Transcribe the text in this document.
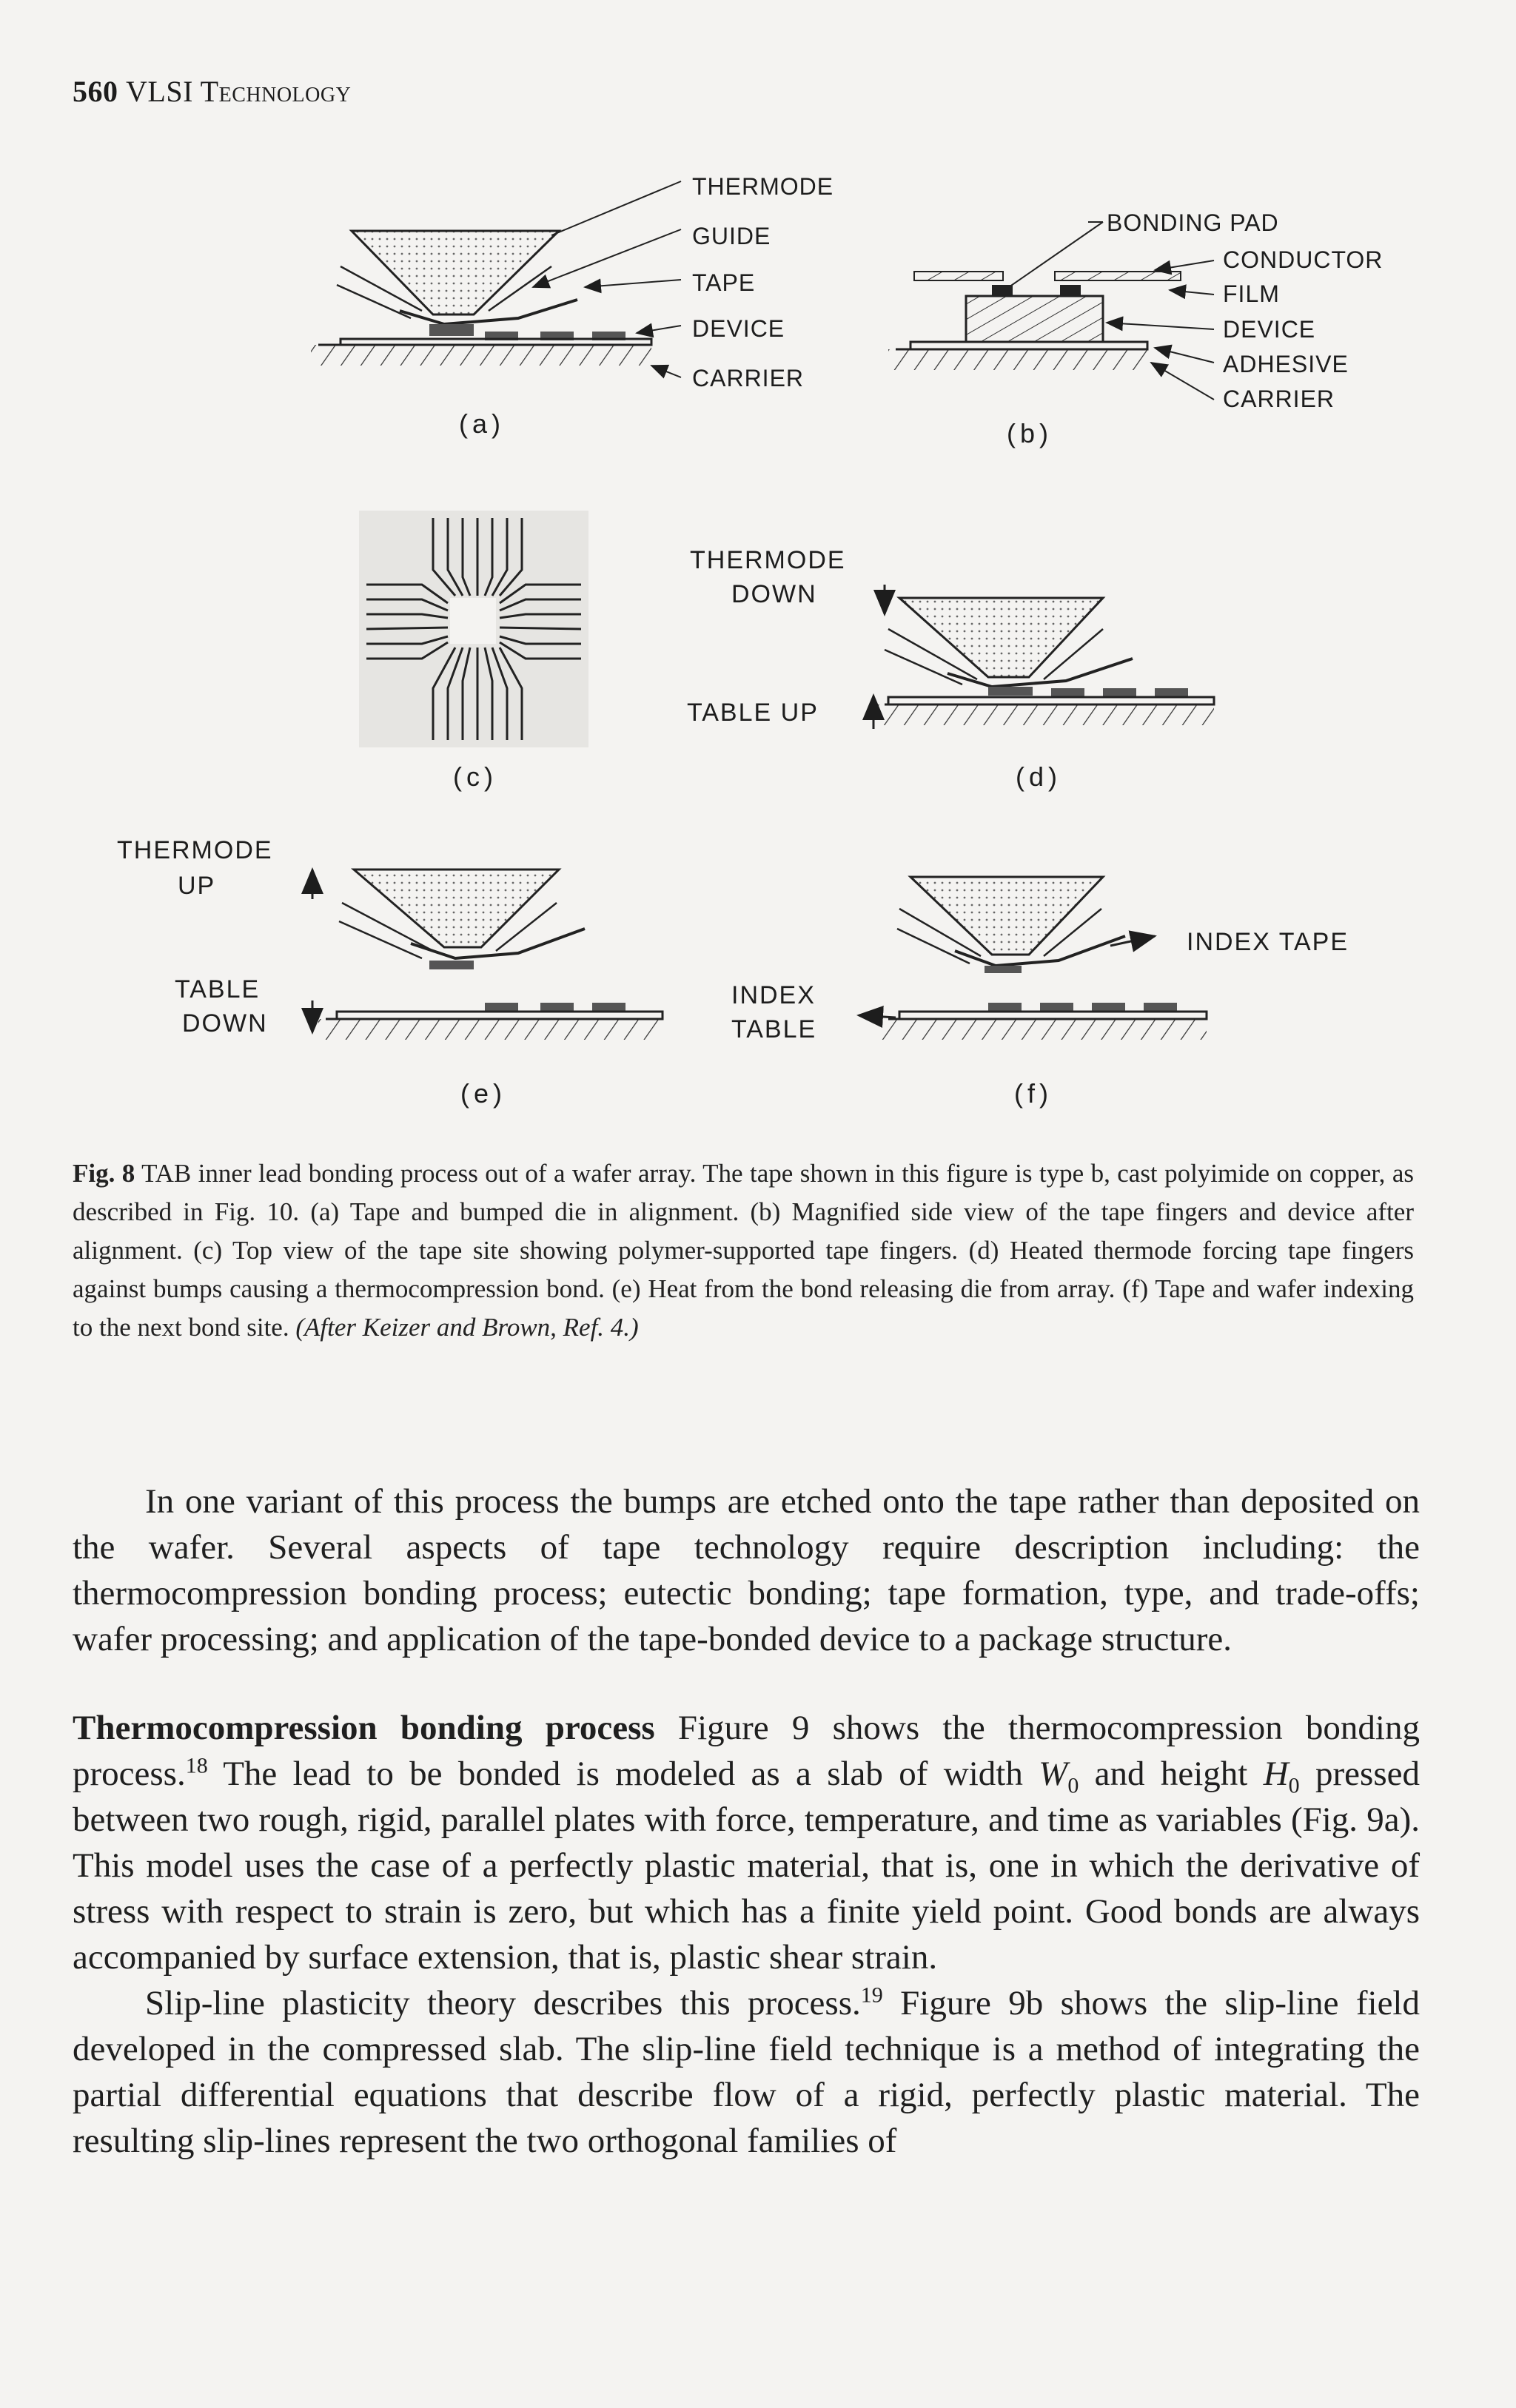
560 VLSI Technology
THERMODE
GUIDE
TAPE
DEVICE
CARRIER
(a)
BONDING PAD
CONDUCTOR
FILM
DEVICE
ADHESIVE
CARRIER
(b)
(c)
THERMODE
DOWN
TABLE UP
(d)
THERMODE
UP
TABLE
DOWN
(e)
INDEX TAPE
INDEX
TABLE
(f)
Fig. 8 TAB inner lead bonding process out of a wafer array. The tape shown in this figure is type b, cast polyimide on copper, as described in Fig. 10. (a) Tape and bumped die in alignment. (b) Magnified side view of the tape fingers and device after alignment. (c) Top view of the tape site showing polymer-supported tape fingers. (d) Heated thermode forcing tape fingers against bumps causing a thermocompression bond. (e) Heat from the bond releasing die from array. (f) Tape and wafer indexing to the next bond site. (After Keizer and Brown, Ref. 4.)

In one variant of this process the bumps are etched onto the tape rather than deposited on the wafer. Several aspects of tape technology require description including: the thermocompression bonding process; eutectic bonding; tape formation, type, and trade-offs; wafer processing; and application of the tape-bonded device to a package structure.

Thermocompression bonding process Figure 9 shows the thermocompression bonding process.$^{18}$ The lead to be bonded is modeled as a slab of width $W_0$ and height $H_0$ pressed between two rough, rigid, parallel plates with force, temperature, and time as variables (Fig. 9a). This model uses the case of a perfectly plastic material, that is, one in which the derivative of stress with respect to strain is zero, but which has a finite yield point. Good bonds are always accompanied by surface extension, that is, plastic shear strain.

Slip-line plasticity theory describes this process.$^{19}$ Figure 9b shows the slip-line field developed in the compressed slab. The slip-line field technique is a method of integrating the partial differential equations that describe flow of a rigid, perfectly plastic material. The resulting slip-lines represent the two orthogonal families of
